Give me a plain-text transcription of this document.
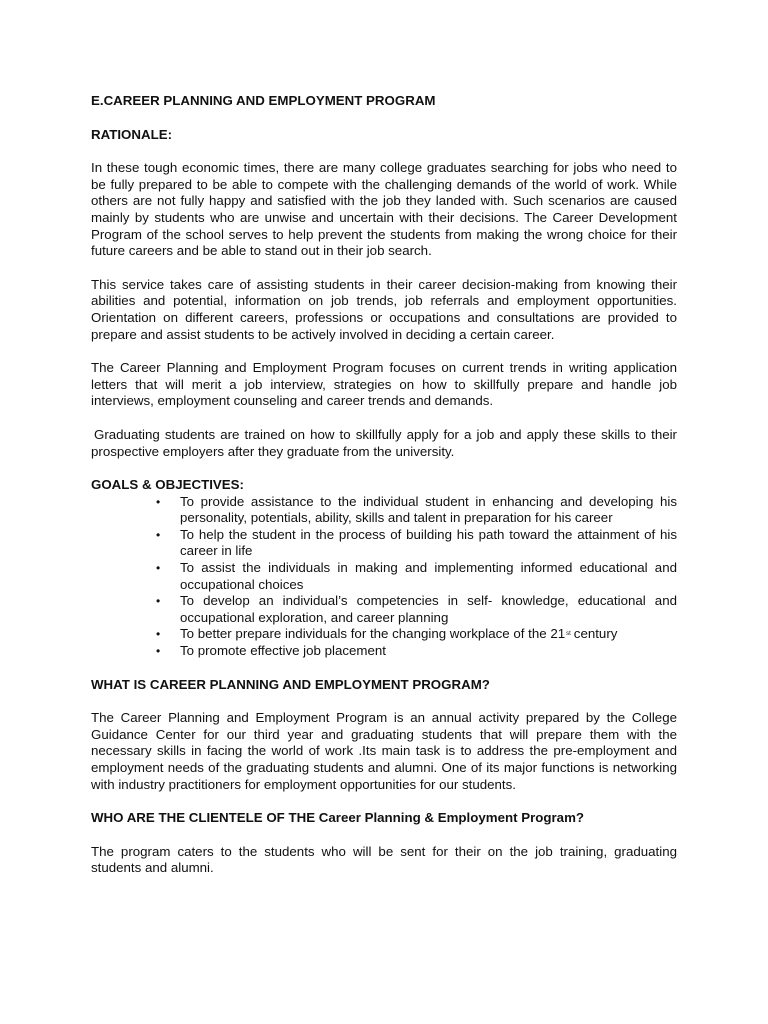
E.CAREER PLANNING AND EMPLOYMENT PROGRAM
RATIONALE:

In these tough economic times, there are many college graduates searching for jobs who need to be fully prepared to be able to compete with the challenging demands of the world of work. While others are not fully happy and satisfied with the job they landed with. Such scenarios are caused mainly by students who are unwise and uncertain with their decisions. The Career Development Program of the school serves to help prevent the students from making the wrong choice for their future careers and be able to stand out in their job search.

This service takes care of assisting students in their career decision-making from knowing their abilities and potential, information on job trends, job referrals and employment opportunities. Orientation on different careers, professions or occupations and consultations are provided to prepare and assist students to be actively involved in deciding a certain career.

The Career Planning and Employment Program focuses on current trends in writing application letters that will merit a job interview, strategies on how to skillfully prepare and handle job interviews, employment counseling and career trends and demands.

Graduating students are trained on how to skillfully apply for a job and apply these skills to their prospective employers after they graduate from the university.

GOALS & OBJECTIVES:
• To provide assistance to the individual student in enhancing and developing his personality, potentials, ability, skills and talent in preparation for his career
• To help the student in the process of building his path toward the attainment of his career in life
• To assist the individuals in making and implementing informed educational and occupational choices
• To develop an individual’s competencies in self- knowledge, educational and occupational exploration, and career planning
• To better prepare individuals for the changing workplace of the 21st century
• To promote effective job placement
WHAT IS CAREER PLANNING AND EMPLOYMENT PROGRAM?

The Career Planning and Employment Program is an annual activity prepared by the College Guidance Center for our third year and graduating students that will prepare them with the necessary skills in facing the world of work .Its main task is to address the pre-employment and employment needs of the graduating students and alumni. One of its major functions is networking with industry practitioners for employment opportunities for our students.

WHO ARE THE CLIENTELE OF THE Career Planning & Employment Program?

The program caters to the students who will be sent for their on the job training, graduating students and alumni.
